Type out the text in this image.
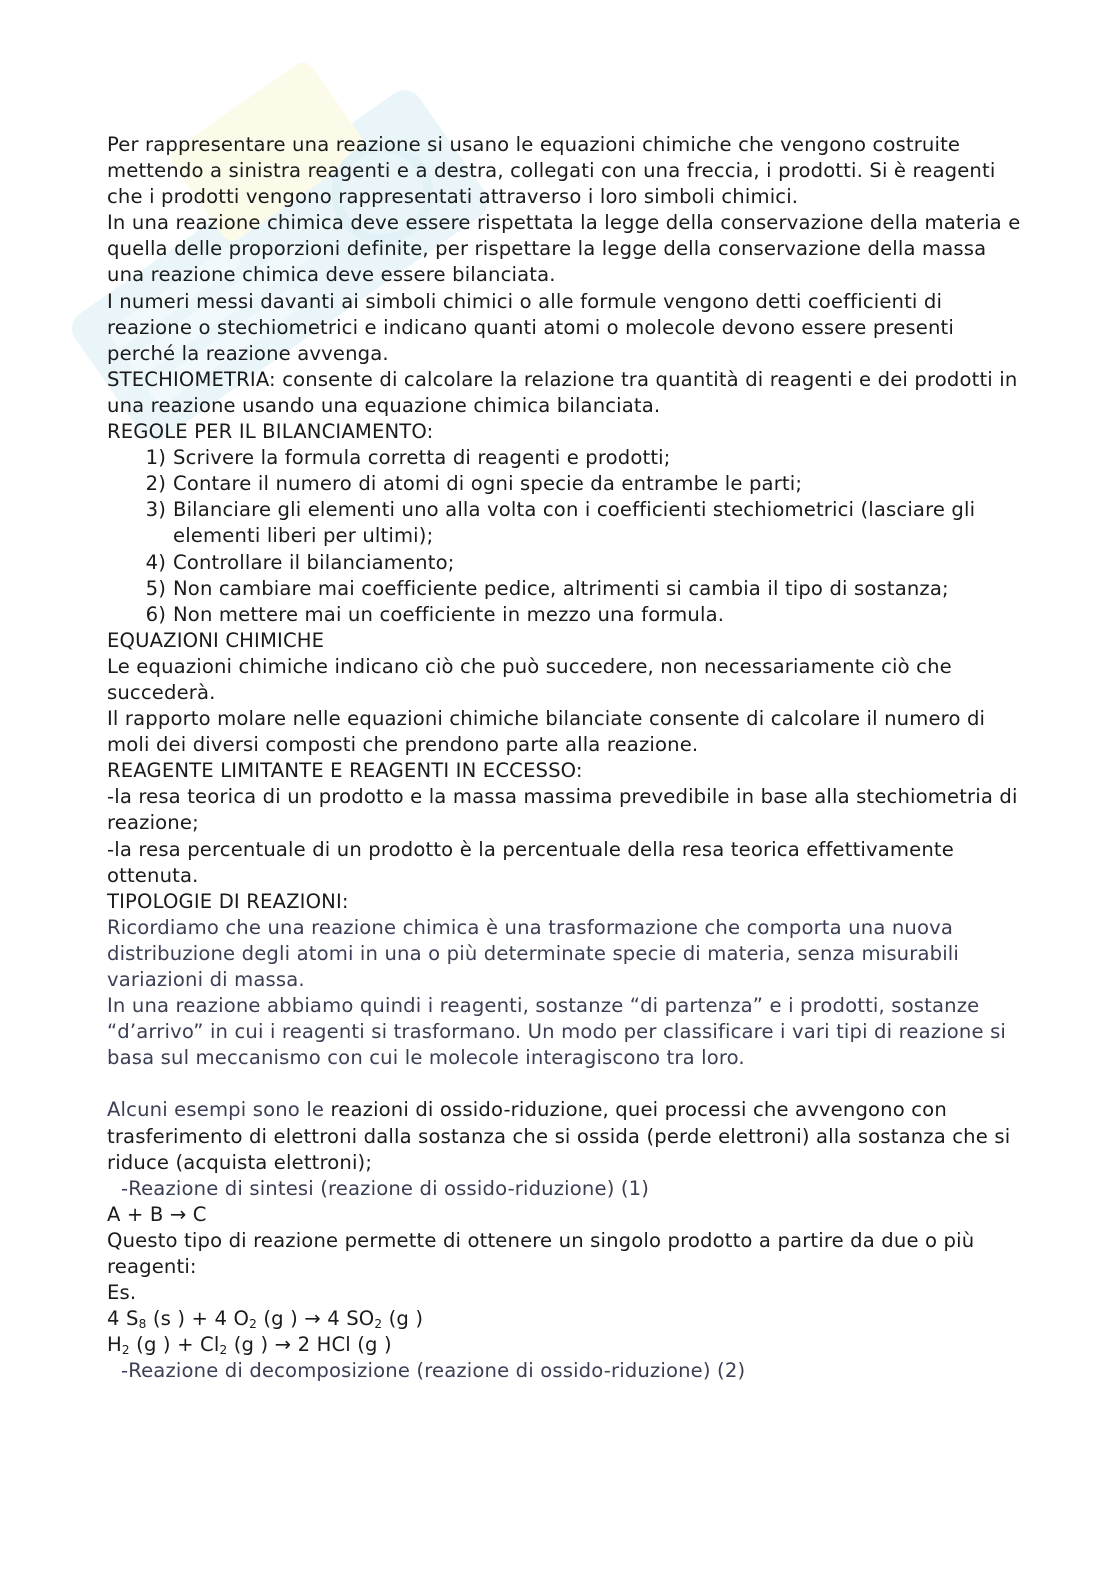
Per rappresentare una reazione si usano le equazioni chimiche che vengono costruite mettendo a sinistra reagenti e a destra, collegati con una freccia, i prodotti. Si è reagenti che i prodotti vengono rappresentati attraverso i loro simboli chimici.

In una reazione chimica deve essere rispettata la legge della conservazione della materia e quella delle proporzioni definite, per rispettare la legge della conservazione della massa una reazione chimica deve essere bilanciata.

I numeri messi davanti ai simboli chimici o alle formule vengono detti coefficienti di reazione o stechiometrici e indicano quanti atomi o molecole devono essere presenti perché la reazione avvenga.

STECHIOMETRIA: consente di calcolare la relazione tra quantità di reagenti e dei prodotti in una reazione usando una equazione chimica bilanciata.

REGOLE PER IL BILANCIAMENTO:

1) Scrivere la formula corretta di reagenti e prodotti;
2) Contare il numero di atomi di ogni specie da entrambe le parti;
3) Bilanciare gli elementi uno alla volta con i coefficienti stechiometrici (lasciare gli elementi liberi per ultimi);
4) Controllare il bilanciamento;
5) Non cambiare mai coefficiente pedice, altrimenti si cambia il tipo di sostanza;
6) Non mettere mai un coefficiente in mezzo una formula.

EQUAZIONI CHIMICHE

Le equazioni chimiche indicano ciò che può succedere, non necessariamente ciò che succederà.

Il rapporto molare nelle equazioni chimiche bilanciate consente di calcolare il numero di moli dei diversi composti che prendono parte alla reazione.

REAGENTE LIMITANTE E REAGENTI IN ECCESSO:

-la resa teorica di un prodotto e la massa massima prevedibile in base alla stechiometria di reazione;

-la resa percentuale di un prodotto è la percentuale della resa teorica effettivamente ottenuta.

TIPOLOGIE DI REAZIONI:

Ricordiamo che una reazione chimica è una trasformazione che comporta una nuova distribuzione degli atomi in una o più determinate specie di materia, senza misurabili variazioni di massa.

In una reazione abbiamo quindi i reagenti, sostanze “di partenza” e i prodotti, sostanze “d’arrivo” in cui i reagenti si trasformano. Un modo per classificare i vari tipi di reazione si basa sul meccanismo con cui le molecole interagiscono tra loro.

Alcuni esempi sono le reazioni di ossido-riduzione, quei processi che avvengono con trasferimento di elettroni dalla sostanza che si ossida (perde elettroni) alla sostanza che si riduce (acquista elettroni);

-Reazione di sintesi (reazione di ossido-riduzione) (1)

A + B → C

Questo tipo di reazione permette di ottenere un singolo prodotto a partire da due o più reagenti:

Es.

4 $S_8$ (s ) + 4 $O_2$ (g ) → 4 $SO_2$ (g )

$H_2$ (g ) + $Cl_2$ (g ) → 2 HCl (g )

-Reazione di decomposizione (reazione di ossido-riduzione) (2)
